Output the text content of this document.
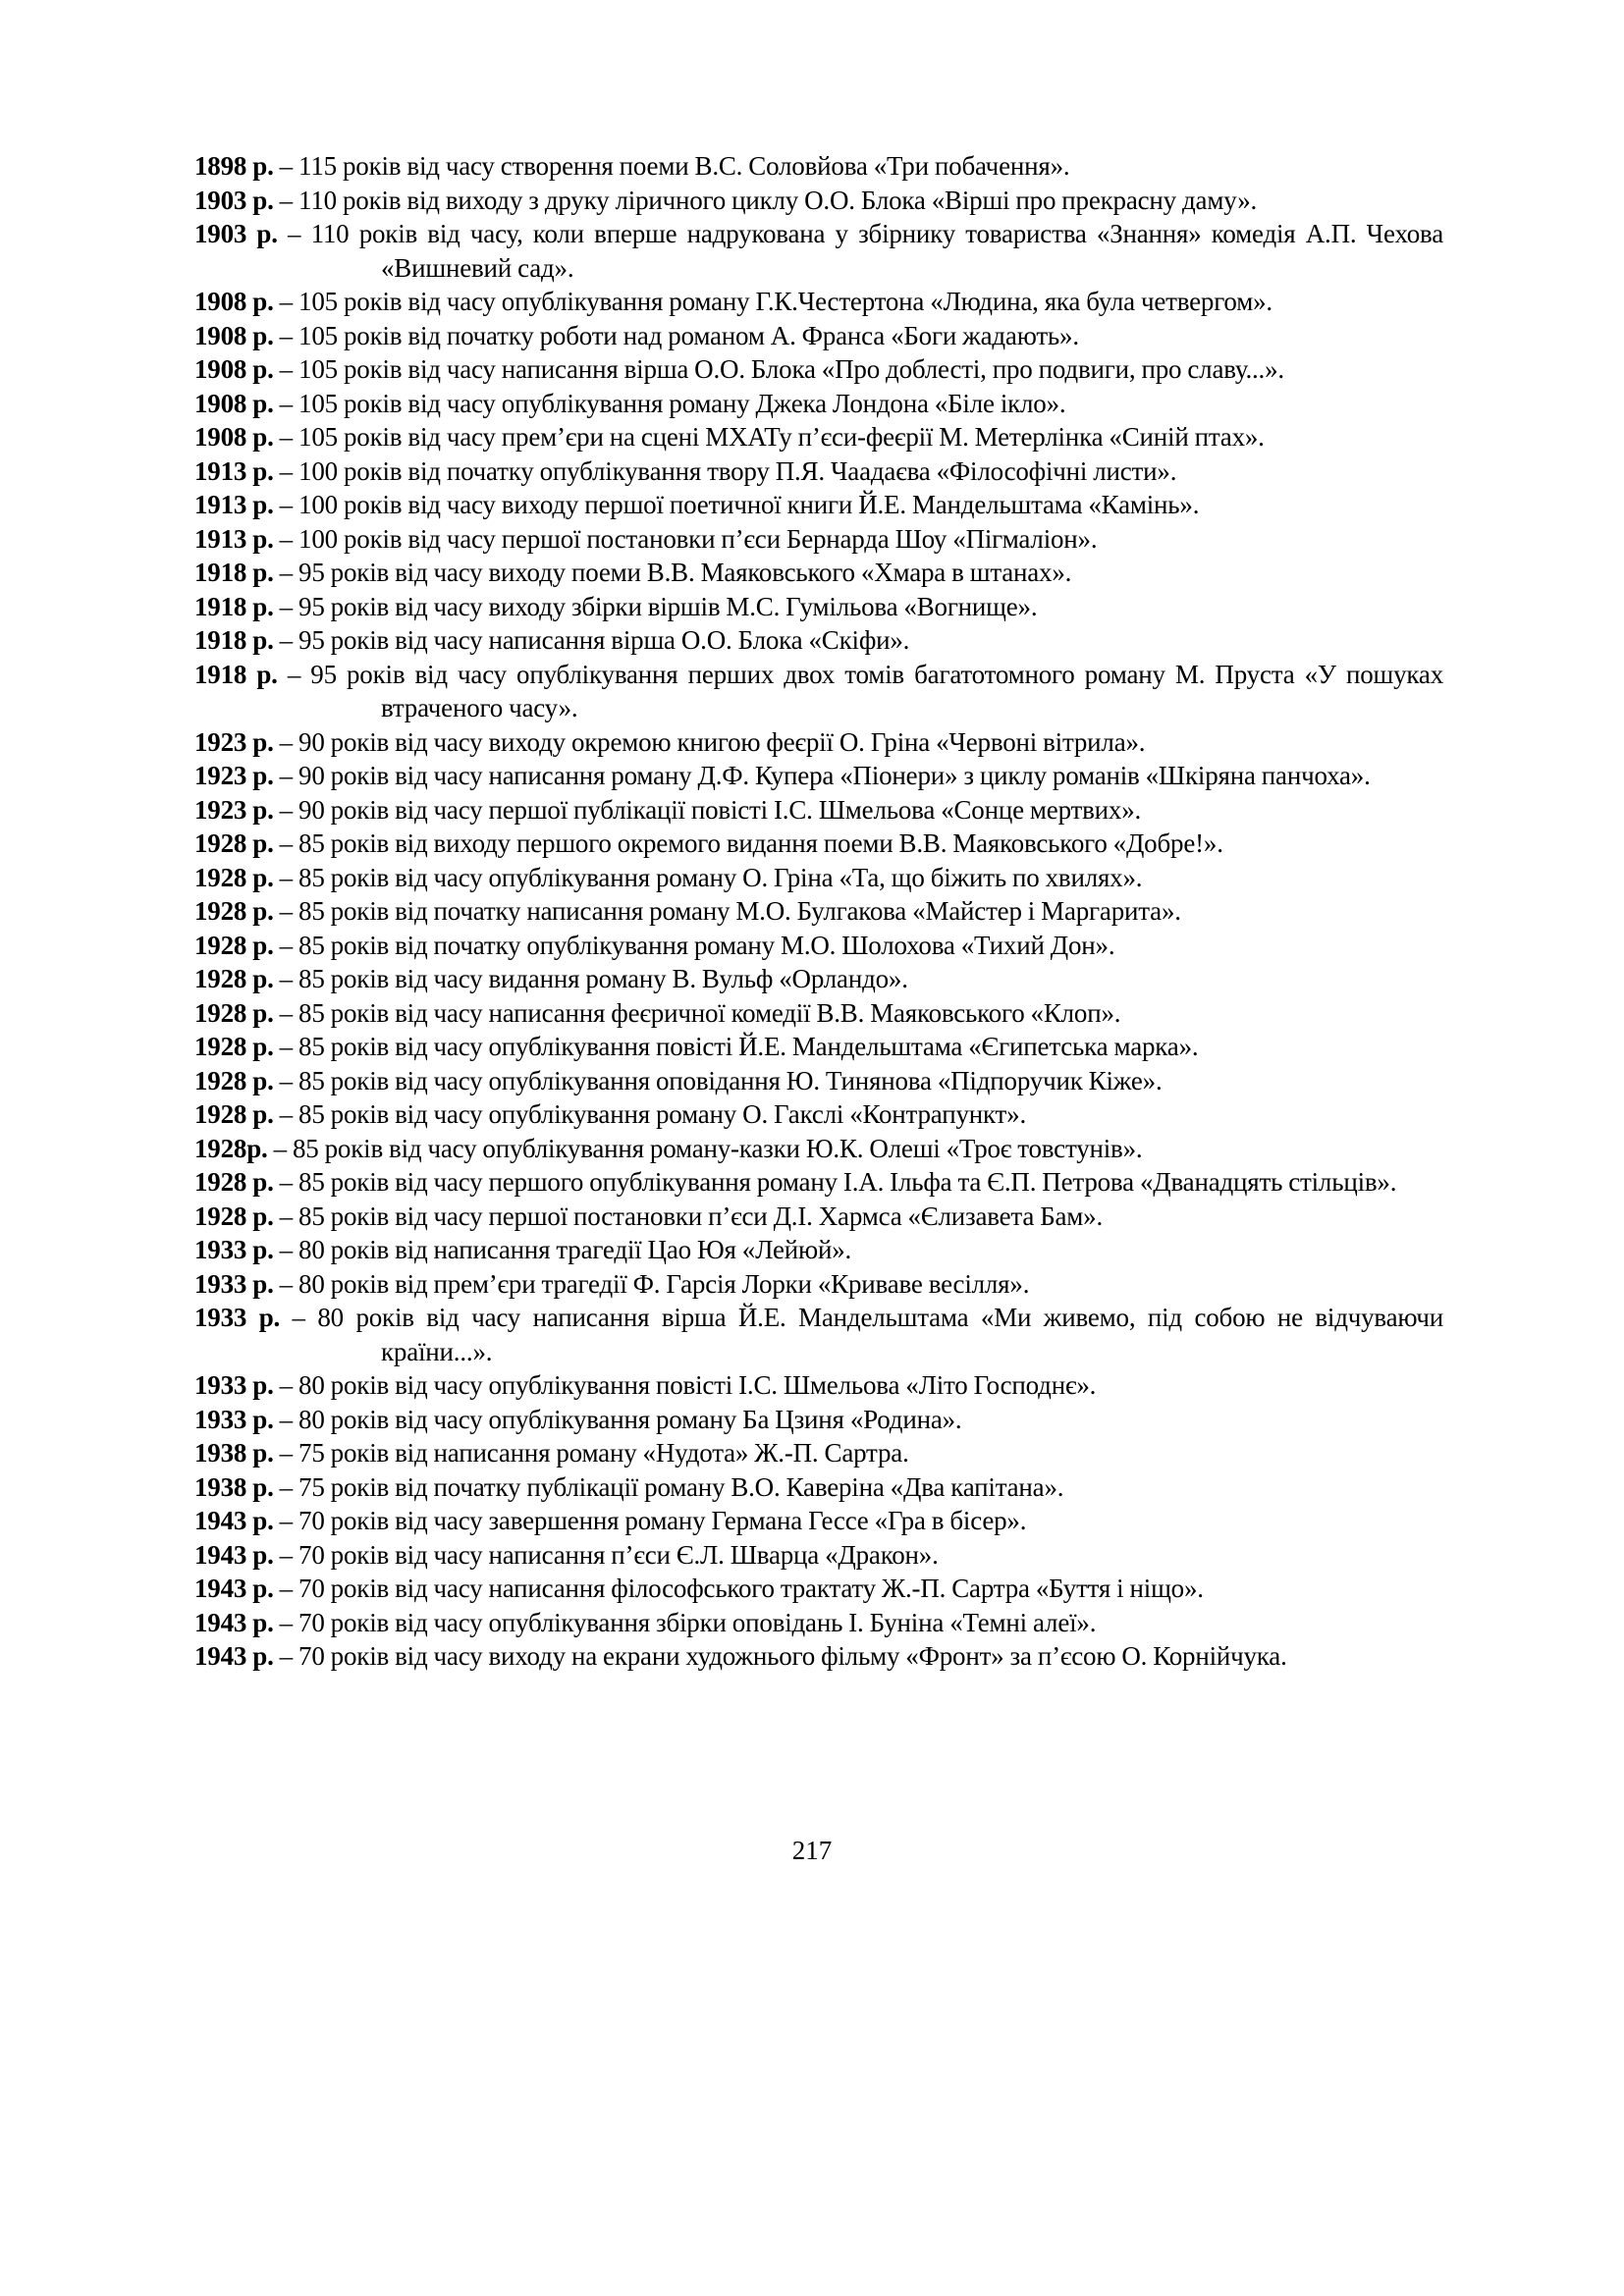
1898 р. – 115 років від часу створення поеми В.С. Соловйова «Три побачення».
1903 р. – 110 років від виходу з друку ліричного циклу О.О. Блока «Вірші про прекрасну даму».
1903 р. – 110 років від часу, коли вперше надрукована у збірнику товариства «Знання» комедія А.П. Чехова «Вишневий сад».
1908 р. – 105 років від часу опублікування роману Г.К.Честертона «Людина, яка була четвергом».
1908 р. – 105 років від початку роботи над романом А. Франса «Боги жадають».
1908 р. – 105 років від часу написання вірша О.О. Блока «Про доблесті, про подвиги, про славу...».
1908 р. – 105 років від часу опублікування роману Джека Лондона «Біле ікло».
1908 р. – 105 років від часу прем’єри на сцені МХАТу п’єси-феєрії М. Метерлінка «Синій птах».
1913 р. – 100 років від початку опублікування твору П.Я. Чаадаєва «Філософічні листи».
1913 р. – 100 років від часу виходу першої поетичної книги Й.Е. Мандельштама «Камінь».
1913 р. – 100 років від часу першої постановки п’єси Бернарда Шоу «Пігмаліон».
1918 р. – 95 років від часу виходу поеми В.В. Маяковського «Хмара в штанах».
1918 р. – 95 років від часу виходу збірки віршів М.С. Гумільова «Вогнище».
1918 р. – 95 років від часу написання вірша О.О. Блока «Скіфи».
1918 р. – 95 років від часу опублікування перших двох томів багатотомного роману М. Пруста «У пошуках втраченого часу».
1923 р. – 90 років від часу виходу окремою книгою феєрії О. Гріна «Червоні вітрила».
1923 р. – 90 років від часу написання роману Д.Ф. Купера «Піонери» з циклу романів «Шкіряна панчоха».
1923 р. – 90 років від часу першої публікації повісті І.С. Шмельова «Сонце мертвих».
1928 р. – 85 років від виходу першого окремого видання поеми В.В. Маяковського «Добре!».
1928 р. – 85 років від часу опублікування роману О. Гріна «Та, що біжить по хвилях».
1928 р. – 85 років від початку написання роману М.О. Булгакова «Майстер і Маргарита».
1928 р. – 85 років від початку опублікування роману М.О. Шолохова «Тихий Дон».
1928 р. – 85 років від часу видання роману В. Вульф «Орландо».
1928 р. – 85 років від часу написання феєричної комедії В.В. Маяковського «Клоп».
1928 р. – 85 років від часу опублікування повісті Й.Е. Мандельштама «Єгипетська марка».
1928 р. – 85 років від часу опублікування оповідання Ю. Тинянова «Підпоручик Кіже».
1928 р. – 85 років від часу опублікування роману О. Гакслі «Контрапункт».
1928р. – 85 років від часу опублікування роману-казки Ю.К. Олеші «Троє товстунів».
1928 р. – 85 років від часу першого опублікування роману І.А. Ільфа та Є.П. Петрова «Дванадцять стільців».
1928 р. – 85 років від часу першої постановки п’єси Д.І. Хармса «Єлизавета Бам».
1933 р. – 80 років від написання трагедії Цао Юя «Лейюй».
1933 р. – 80 років від прем’єри трагедії Ф. Гарсія Лорки «Криваве весілля».
1933 р. – 80 років від часу написання вірша Й.Е. Мандельштама «Ми живемо, під собою не відчуваючи країни...».
1933 р. – 80 років від часу опублікування повісті І.С. Шмельова «Літо Господнє».
1933 р. – 80 років від часу опублікування роману Ба Цзиня «Родина».
1938 р. – 75 років від написання роману «Нудота» Ж.-П. Сартра.
1938 р. – 75 років від початку публікації роману В.О. Каверіна «Два капітана».
1943 р. – 70 років від часу завершення роману Германа Гессе «Гра в бісер».
1943 р. – 70 років від часу написання п’єси Є.Л. Шварца «Дракон».
1943 р. – 70 років від часу написання філософського трактату Ж.-П. Сартра «Буття і ніщо».
1943 р. – 70 років від часу опублікування збірки оповідань І. Буніна «Темні алеї».
1943 р. – 70 років від часу виходу на екрани художнього фільму «Фронт» за п’єсою О. Корнійчука.
217
